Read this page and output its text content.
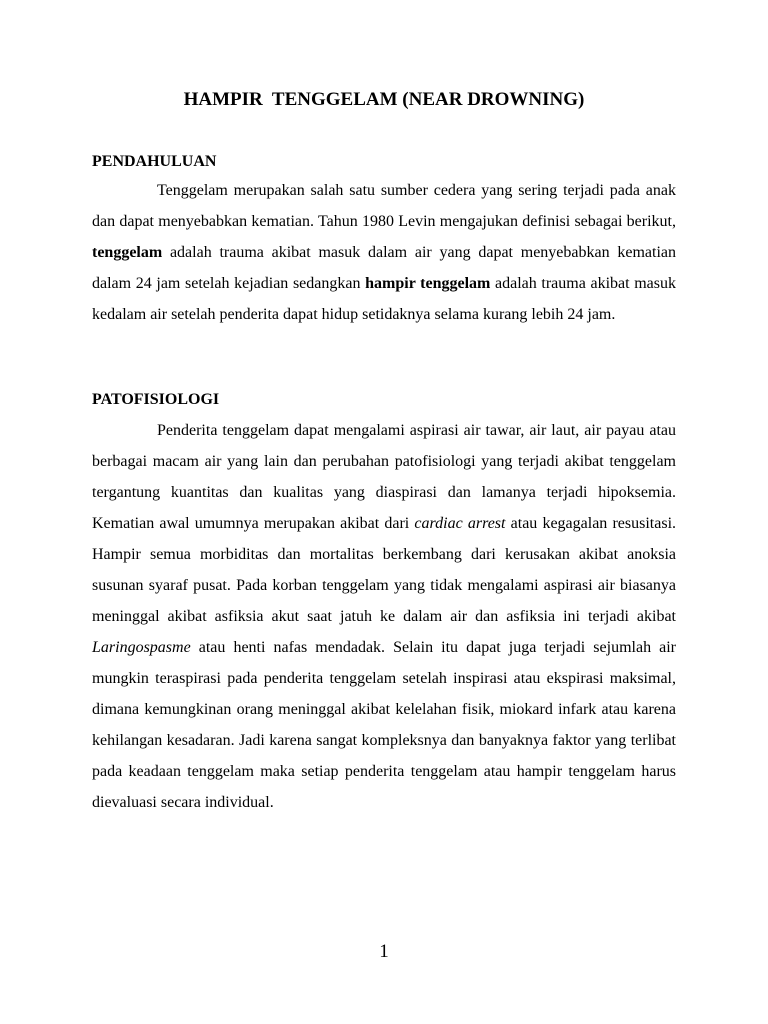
HAMPIR  TENGGELAM (NEAR DROWNING)
PENDAHULUAN

Tenggelam merupakan salah satu sumber cedera yang sering terjadi pada anak dan dapat menyebabkan kematian. Tahun 1980 Levin mengajukan definisi sebagai berikut, tenggelam adalah trauma akibat masuk dalam air yang dapat menyebabkan kematian dalam 24 jam setelah kejadian sedangkan hampir tenggelam adalah trauma akibat masuk kedalam air setelah penderita dapat hidup setidaknya selama kurang lebih 24 jam.

PATOFISIOLOGI

Penderita tenggelam dapat mengalami aspirasi air tawar, air laut, air payau atau berbagai macam air yang lain dan perubahan patofisiologi yang terjadi akibat tenggelam tergantung kuantitas dan kualitas yang diaspirasi dan lamanya terjadi hipoksemia. Kematian awal umumnya merupakan akibat dari cardiac arrest atau kegagalan resusitasi. Hampir semua morbiditas dan mortalitas berkembang dari kerusakan akibat anoksia susunan syaraf pusat. Pada korban tenggelam yang tidak mengalami aspirasi air biasanya meninggal akibat asfiksia akut saat jatuh ke dalam air dan asfiksia ini terjadi akibat Laringospasme atau henti nafas mendadak. Selain itu dapat juga terjadi sejumlah air mungkin teraspirasi pada penderita tenggelam setelah inspirasi atau ekspirasi maksimal, dimana kemungkinan orang meninggal akibat kelelahan fisik, miokard infark atau karena kehilangan kesadaran. Jadi karena sangat kompleksnya dan banyaknya faktor yang terlibat pada keadaan tenggelam maka setiap penderita tenggelam atau hampir tenggelam harus dievaluasi secara individual.

1
